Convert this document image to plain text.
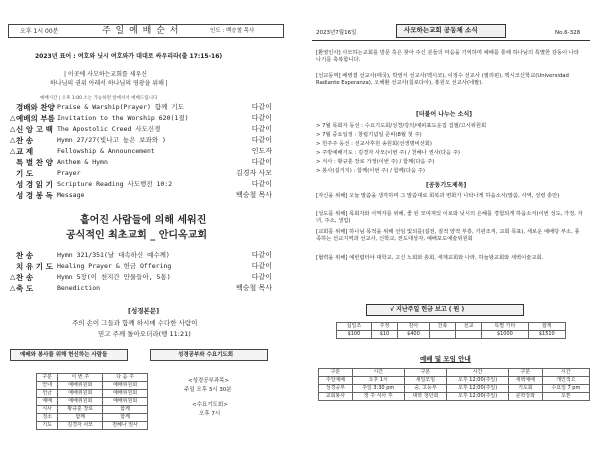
오후 1시 00분	주 일 예 배 순 서	인도 : 백승철 목사
2023년 표어 : 여호와 닛시 여호와가 대대로 싸우리라(출 17:15-16)
| 이곳에 사모하는교회를 세우신
하나님의 권위 아래서 하나님의 영광을 위해 |
예배시간 | 오후 1:00 소는 가능하면 앞에서서 예배드립니다
경배와 찬양 Praise & Warship(Prayer) 함께 기도	다같이
△ 예배의 부름 Invitation to the Worship 620(1절)	다같이
△ 신 앙 고 백 The Apostolic Creed 사도신경	다같이
△ 찬 송	Hymn 27/27(빛나고 높은 보좌와 )	다같이
△ 교 제	Fellowship & Announcement	인도자
특 별 찬 양 Anthem & Hymn	다같이
기 도	Prayer	김경자 사모
성 경 읽 기 Scripture Reading 사도행전 10:2	다같이
성 경 봉 독 Message	백승철 목사
흩어진 사람들에 의해 세워진
공식적인 최초교회 _ 안디옥교회
찬 송	Hymn 321/351(날 대속하신 예수께)	다같이
치 유 기 도 Healing Prayer & 헌금 Offering	다같이
△ 찬 송	Hymn 5장(이 천지간 만물들아, 5통)	다같이
△ 축 도	Benediction	백승철 목사
[성경본문]
주의 손이 그들과 함께 하시매 수다한 사람이
믿고 주께 돌아오더라(행 11:21)
예배와 봉사를 위해 헌신하는 사람들
구분	이 번 주	다 음 주
안내	예배위원회	예배위원회
헌금	예배위원회	예배위원회
예배	예배위원회	예배위원회
식사	황규훈 장로	함께
청소	함께	함께
기도	김경자 사모	천혜나 권사
성경공부와 수요기도회
<성경공부과목>
주일 오후 3시 30분
<수요기도회>
오후 7시
2023년7월16일	사모하는교회 공동체 소식	No.6-328
[환영인사] 사모하는교회를 방문 혹은 찾아 주신 분들의 마음을 기억하며 예배를 통해 하나님의 특별한 감동이 나타나기를 축복합니다.
[선교동역] 배병결 선교사(태국), 박영식 선교사(멕시코), 이정수 선교사 (필리핀), 멕시코신학교(Universidad Radiante Esperanza), 오해환 선교사(칠로다아), 홍원오 선교사(네팔).
[더불어 나누는 소식]
> 7월 목회자 동선 : 수요기도회/성경/강의/예피표도운집 집필/고시위원회
> 7월 중요일정 : 창립기념일 준비(8월 첫 주)
> 헌주주 동선 : 선교사후원 송원회(선생명비선회)
> 주방예배기도 : 김경자 사모(이번 주) / 천혜나 권사(다음 주)
> 식사 : 황규훈 장로 가정(이번 주) / 함께(다음 주)
> 봉사(설거지) : 함께(이번 주) / 함께(다음 주)
[공동기도제목]
[자신을 위해] 오늘 말씀을 생각하며 그 말씀대로 회복과 변화가 나타나게 하옵소서(말씀, 사역, 성령 충만)
[성도를 위해] 목회자와 사역자를 위해, 좋 된 모여져있 이로와 닛시의 은혜를 경험되게 하옵소서(이번 성도, 가정, 자녀, 주소, 생업)
[교회를 위해] 하나님 목적을 위해 선임 빛되를(설전, 질적 양적 부흥, 기관조직, 교회 목표), 새로운 예배당 부소, 풍족하는 선교지역과 선교사, 신학교, 전도대상자, 예배포도예술위원회
[협력을 위해] 예빈렵터야 대학교, 고신 노회와 총회, 세계교회와 나라, 하늘왕교회와 새벽이술교회.
√ 지난주일 헌금 보고 ( 원 )
십일조	주정	감사	건축	선교	특별 기타	합계
$100	$10	$400			$1000	$1510
예배 및 모임 안내
구분	시간	구분	시간	구분	시간
주일예배	오후 1시	새일모임	오후 12:00(주일)	새벽예배	개인적으
성경공부	주일 3:30 pm	중, 고등부	오후 12:00(주일)	기도회	수요일 7 pm
교회봉사	정 주 식사 후	대학 청년회	오후 12:00(주일)	문학강좌	오픈
